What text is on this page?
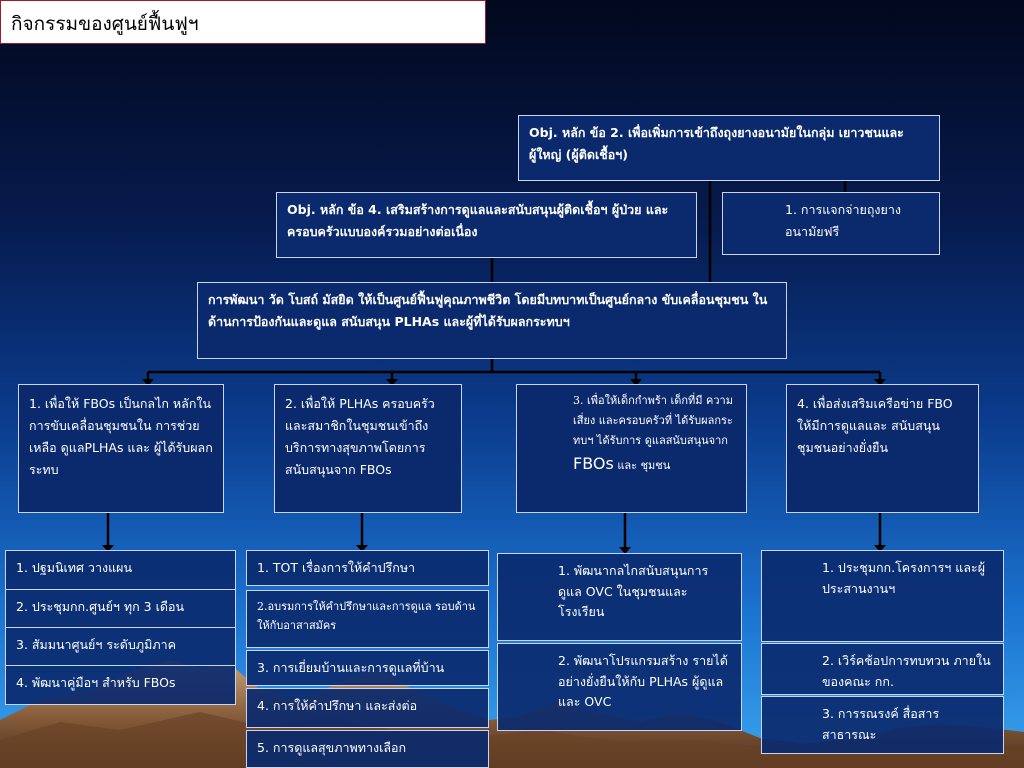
กิจกรรมของศูนย์ฟื้นฟูฯ
Obj. หลัก ข้อ 2. เพื่อเพิ่มการเข้าถึงถุงยางอนามัยในกลุ่ม เยาวชนและผู้ใหญ่ (ผู้ติดเชื้อฯ)
Obj. หลัก ข้อ 4. เสริมสร้างการดูแลและสนับสนุนผู้ติดเชื้อฯ ผู้ป่วย และ ครอบครัวแบบองค์รวมอย่างต่อเนื่อง
1. การแจกจ่ายถุงยาง อนามัยฟรี
การพัฒนา วัด โบสถ์ มัสยิด ให้เป็นศูนย์ฟื้นฟูคุณภาพชีวิต โดยมีบทบาทเป็นศูนย์กลาง ขับเคลื่อนชุมชน ในด้านการป้องกันและดูแล สนับสนุน PLHAs และผู้ที่ได้รับผลกระทบฯ
1. เพื่อให้ FBOs เป็นกลไก หลักในการขับเคลื่อนชุมชนใน การช่วยเหลือ ดูแลPLHAs และ ผู้ได้รับผลกระทบ
2. เพื่อให้ PLHAs ครอบครัว และสมาชิกในชุมชนเข้าถึง บริการทางสุขภาพโดยการ สนับสนุนจาก FBOs
3. เพื่อให้เด็กกำพร้า เด็กที่มี ความเสี่ยง และครอบครัวที่ ได้รับผลกระทบฯ ได้รับการ ดูแลสนับสนุนจาก FBOs และ ชุมชน
4. เพื่อส่งเสริมเครือข่าย FBO ให้มีการดูแลและ สนับสนุนชุมชนอย่างยั่งยืน
1. ปฐมนิเทศ วางแผน
2. ประชุมกก.ศูนย์ฯ ทุก 3 เดือน
3. สัมมนาศูนย์ฯ ระดับภูมิภาค
4. พัฒนาคู่มือฯ สำหรับ FBOs
1. TOT เรื่องการให้คำปรึกษา
2.อบรมการให้คำปรึกษาและการดูแล รอบด้านให้กับอาสาสมัคร
3. การเยี่ยมบ้านและการดูแลที่บ้าน
4. การให้คำปรึกษา และส่งต่อ
5. การดูแลสุขภาพทางเลือก
1. พัฒนากลไกสนับสนุนการ ดูแล OVC ในชุมชนและ โรงเรียน
2. พัฒนาโปรแกรมสร้าง รายได้อย่างยั่งยืนให้กับ PLHAs ผู้ดูแล และ OVC
1. ประชุมกก.โครงการฯ และผู้ประสานงานฯ
2. เวิร์คช้อปการทบทวน ภายในของคณะ กก.
3. การรณรงค์ สื่อสาร สาธารณะ
